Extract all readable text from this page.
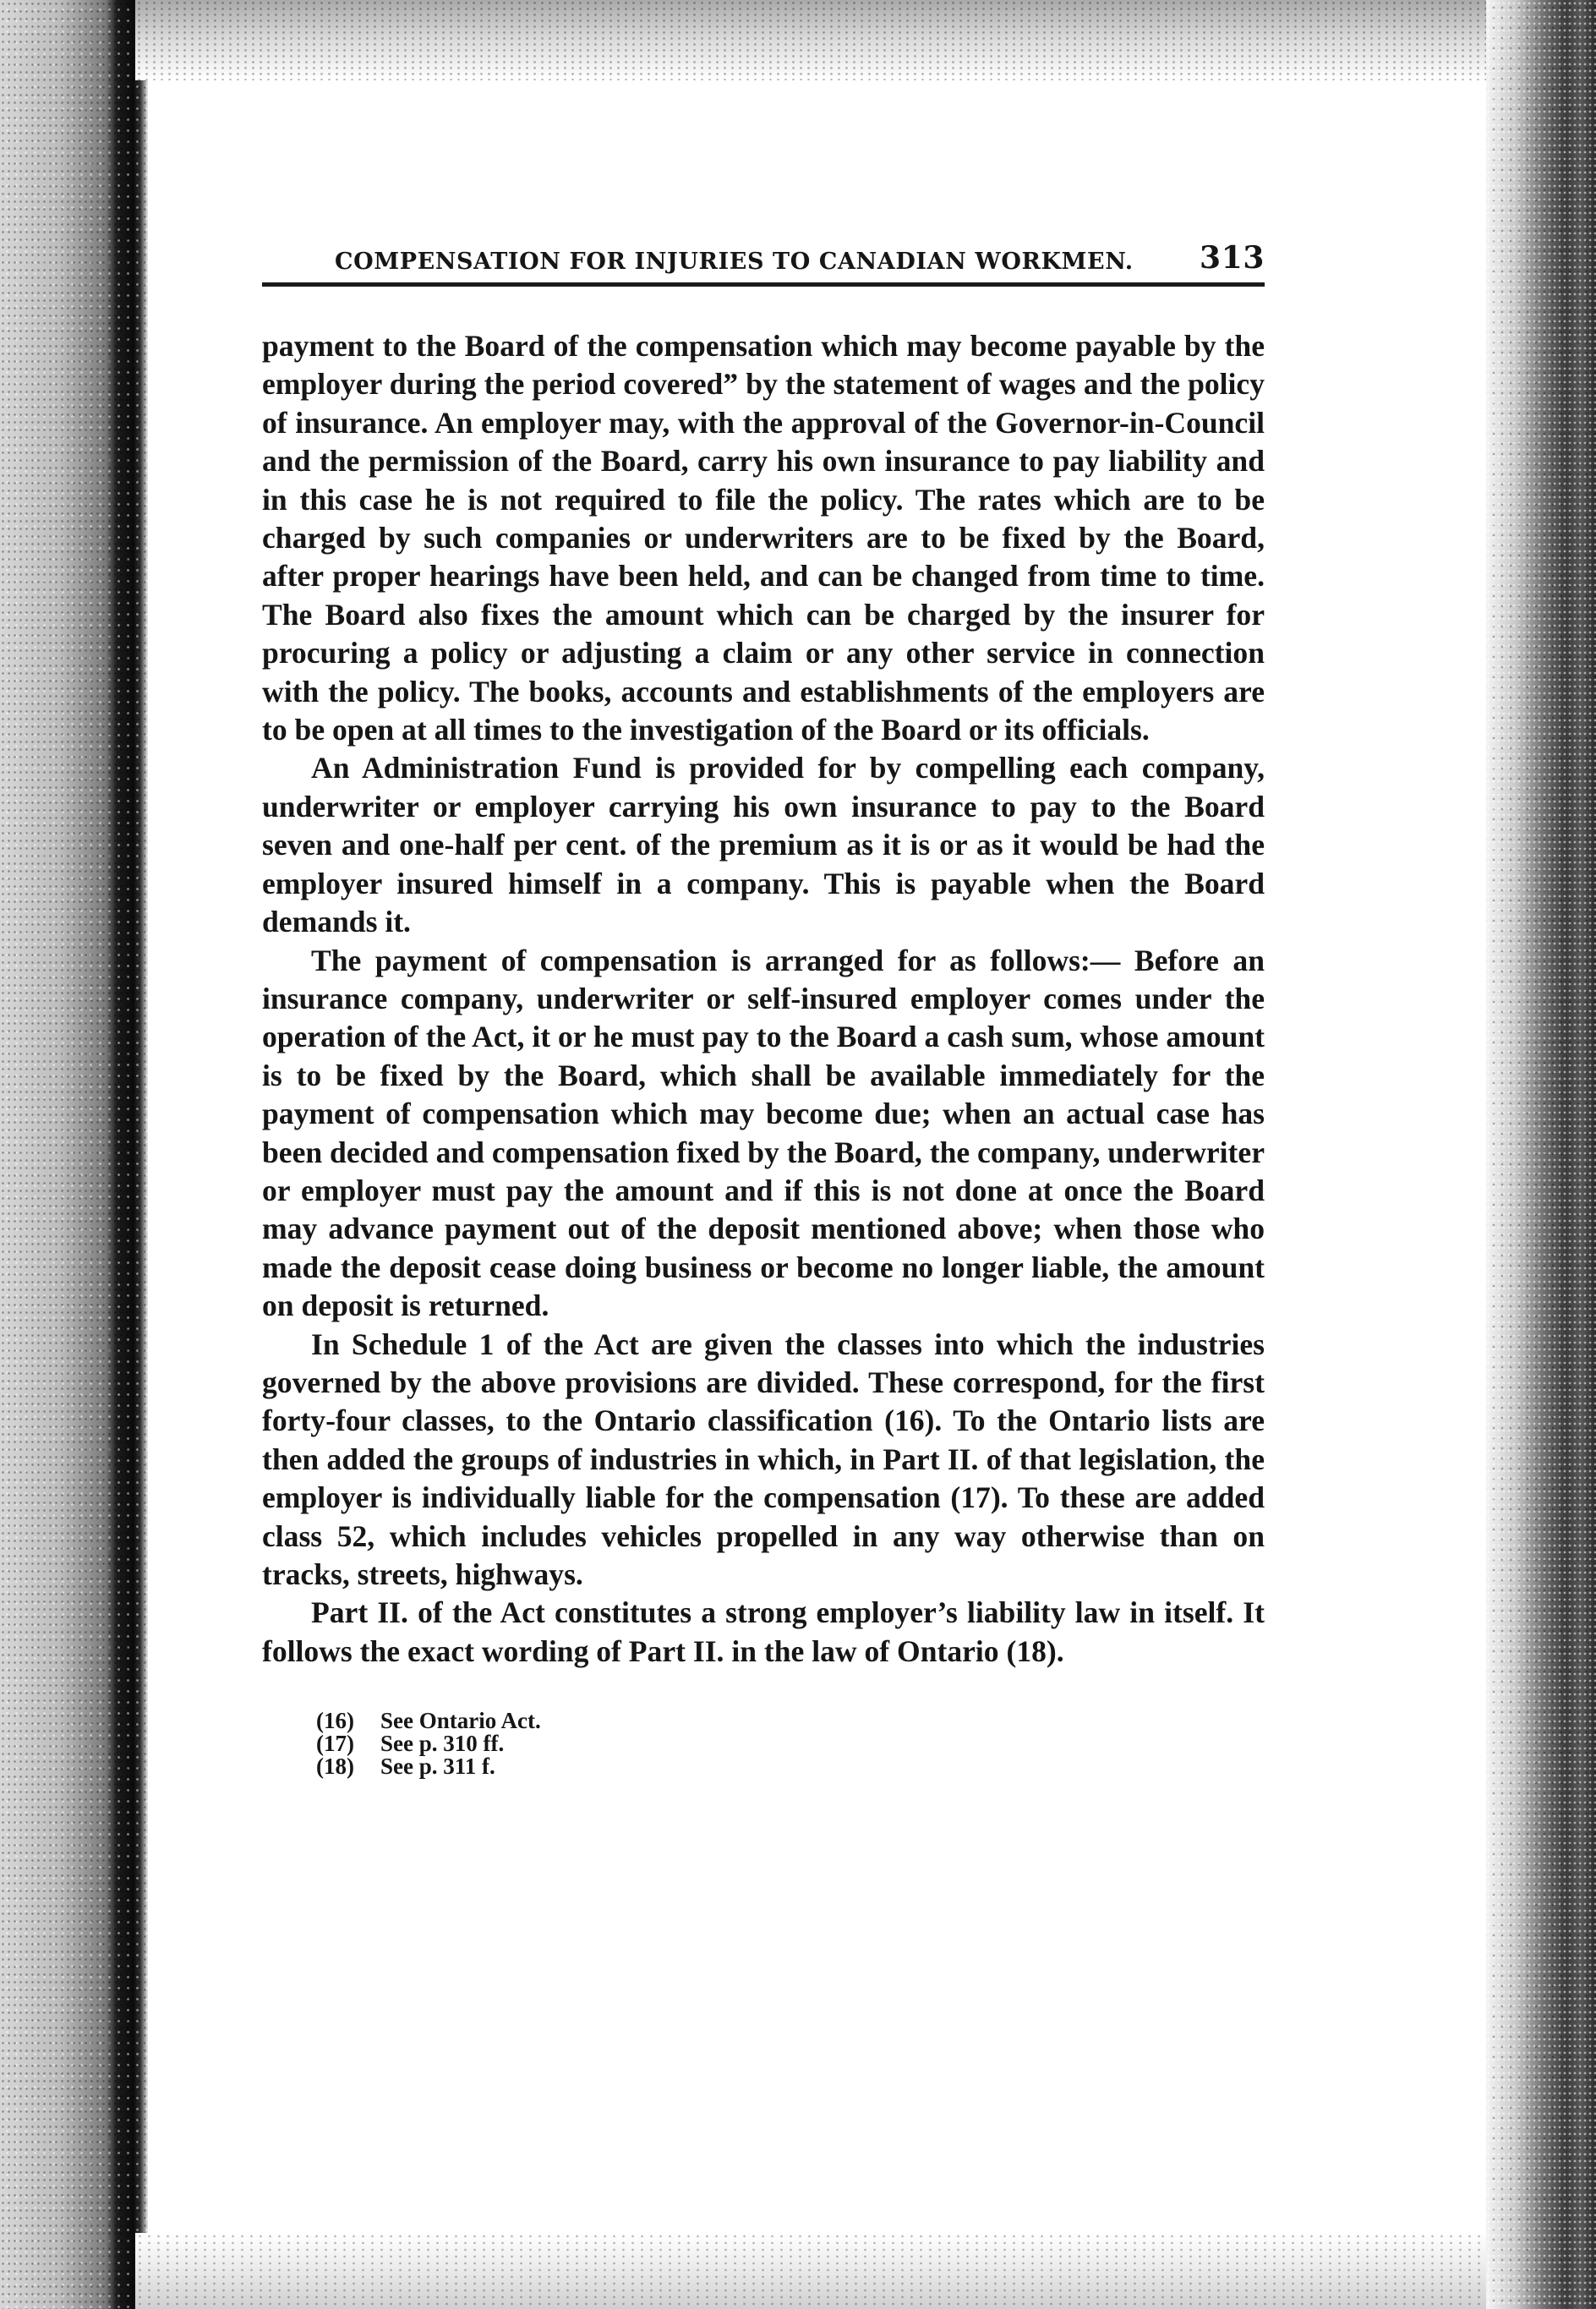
COMPENSATION FOR INJURIES TO CANADIAN WORKMEN. 313

payment to the Board of the compensation which may become payable by the employer during the period covered” by the statement of wages and the policy of insurance. An employer may, with the approval of the Governor-in-Council and the permission of the Board, carry his own insurance to pay liability and in this case he is not required to file the policy. The rates which are to be charged by such companies or underwriters are to be fixed by the Board, after proper hearings have been held, and can be changed from time to time. The Board also fixes the amount which can be charged by the insurer for procuring a policy or adjusting a claim or any other service in connection with the policy. The books, accounts and establishments of the employers are to be open at all times to the investigation of the Board or its officials.

An Administration Fund is provided for by compelling each company, underwriter or employer carrying his own insurance to pay to the Board seven and one-half per cent. of the premium as it is or as it would be had the employer insured himself in a company. This is payable when the Board demands it.

The payment of compensation is arranged for as follows:— Before an insurance company, underwriter or self-insured employer comes under the operation of the Act, it or he must pay to the Board a cash sum, whose amount is to be fixed by the Board, which shall be available immediately for the payment of compensation which may become due; when an actual case has been decided and compensation fixed by the Board, the company, underwriter or employer must pay the amount and if this is not done at once the Board may advance payment out of the deposit mentioned above; when those who made the deposit cease doing business or become no longer liable, the amount on deposit is returned.

In Schedule 1 of the Act are given the classes into which the industries governed by the above provisions are divided. These correspond, for the first forty-four classes, to the Ontario classification (16). To the Ontario lists are then added the groups of industries in which, in Part II. of that legislation, the employer is individually liable for the compensation (17). To these are added class 52, which includes vehicles propelled in any way otherwise than on tracks, streets, highways.

Part II. of the Act constitutes a strong employer’s liability law in itself. It follows the exact wording of Part II. in the law of Ontario (18).

(16)	See Ontario Act.
(17)	See p. 310 ff.
(18)	See p. 311 f.
